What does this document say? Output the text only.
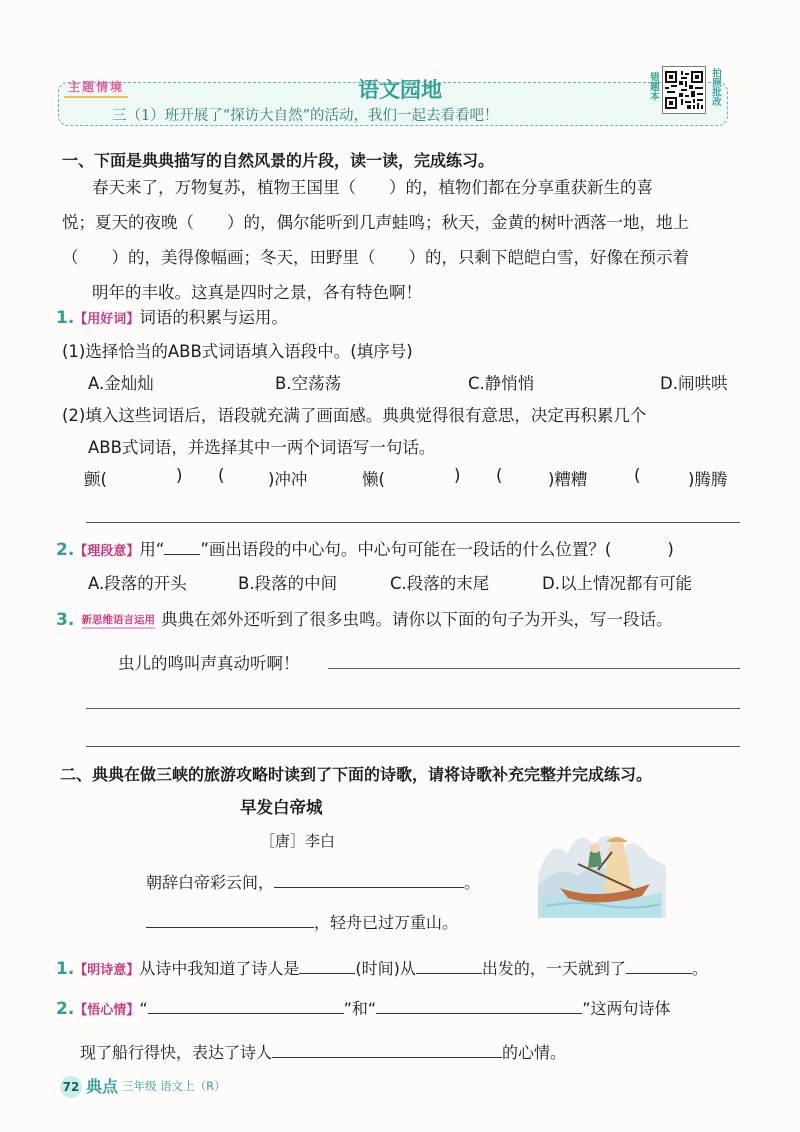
主题情境	语文园地
三（1）班开展了“探访大自然”的活动，我们一起去看看吧！
错题本	拍照批改
一、下面是典典描写的自然风景的片段，读一读，完成练习。
春天来了，万物复苏，植物王国里（　　）的，植物们都在分享重获新生的喜
悦；夏天的夜晚（　　）的，偶尔能听到几声蛙鸣；秋天，金黄的树叶洒落一地，地上
（　　）的，美得像幅画；冬天，田野里（　　）的，只剩下皑皑白雪，好像在预示着
明年的丰收。这真是四时之景，各有特色啊！
1.【用好词】词语的积累与运用。
(1)选择恰当的ABB式词语填入语段中。(填序号)
A.金灿灿	B.空荡荡	C.静悄悄	D.闹哄哄
(2)填入这些词语后，语段就充满了画面感。典典觉得很有意思，决定再积累几个
ABB式词语，并选择其中一两个词语写一句话。
颤(	) (	)冲冲	懒(	) (	)糟糟	(	)腾腾
2.【理段意】用“ ”画出语段的中心句。中心句可能在一段话的什么位置？(	)
A.段落的开头	B.段落的中间	C.段落的末尾	D.以上情况都有可能
3. 新思维语言运用 典典在郊外还听到了很多虫鸣。请你以下面的句子为开头，写一段话。
虫儿的鸣叫声真动听啊！
二、典典在做三峡的旅游攻略时读到了下面的诗歌，请将诗歌补充完整并完成练习。
早发白帝城
［唐］李白
朝辞白帝彩云间，	。
，轻舟已过万重山。
1.【明诗意】从诗中我知道了诗人是	(时间)从	出发的，一天就到了	。
2.【悟心情】“	”和“	”这两句诗体
现了船行得快，表达了诗人	的心情。
72 典点 三年级 语文上（R）
